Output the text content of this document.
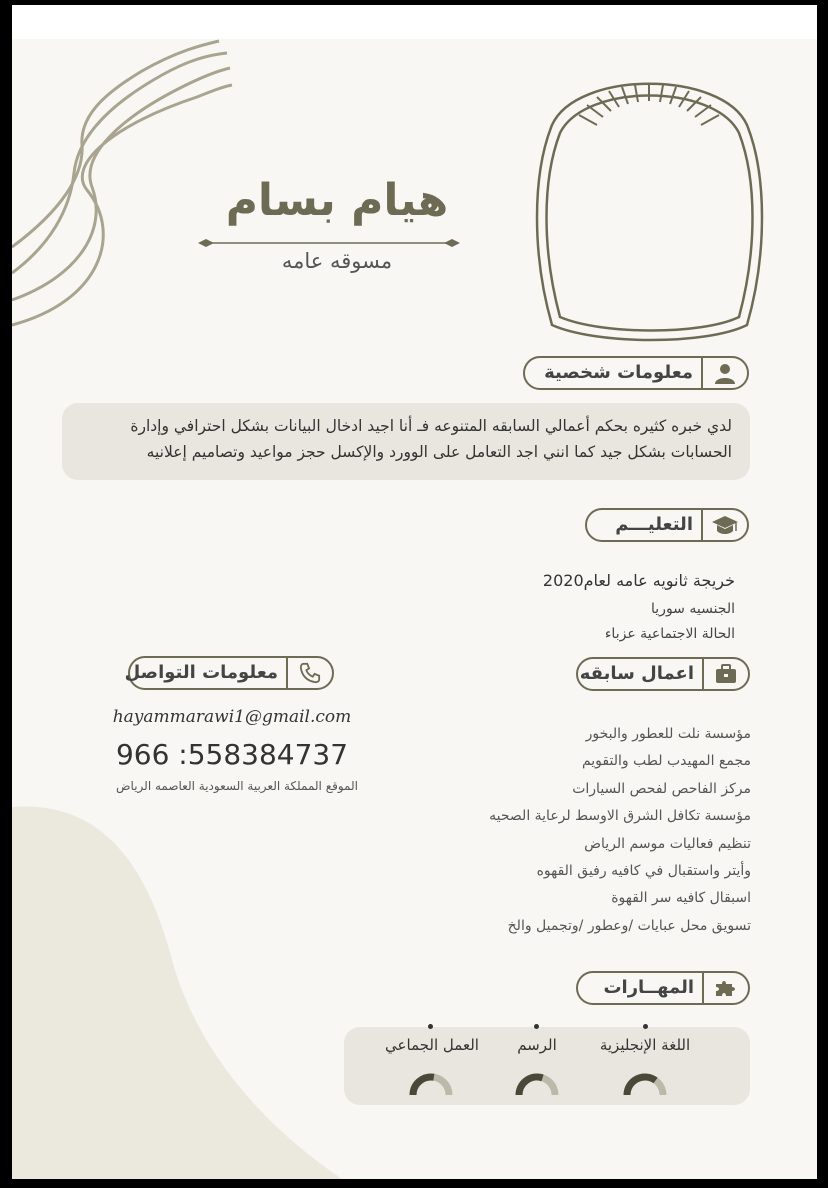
هيام بسام
مسوقه عامه
معلومات شخصية
لدي خبره كثيره بحكم أعمالي السابقه المتنوعه فـ أنا اجيد ادخال البيانات بشكل احترافي وإدارة
الحسابات بشكل جيد كما انني اجد التعامل على الوورد والإكسل حجز مواعيد وتصاميم إعلانيه
التعليـــم
خريجة ثانويه عامه لعام2020
الجنسيه سوريا
الحالة الاجتماعية عزباء
معلومات التواصل
hayammarawi1@gmail.com
966 :558384737
الموقع المملكة العربية السعودية العاصمه الرياض
اعمال سابقه
مؤسسة نلت للعطور والبخور
مجمع المهيدب لطب والتقويم
مركز الفاحص لفحص السيارات
مؤسسة تكافل الشرق الاوسط لرعاية الصحيه
تنظيم فعاليات موسم الرياض
وأيتر واستقبال في كافيه رفيق القهوه
اسبقال كافيه سر القهوة
تسويق محل عبايات /وعطور /وتجميل والخ
المهــارات
اللغة الإنجليزية
الرسم
العمل الجماعي
